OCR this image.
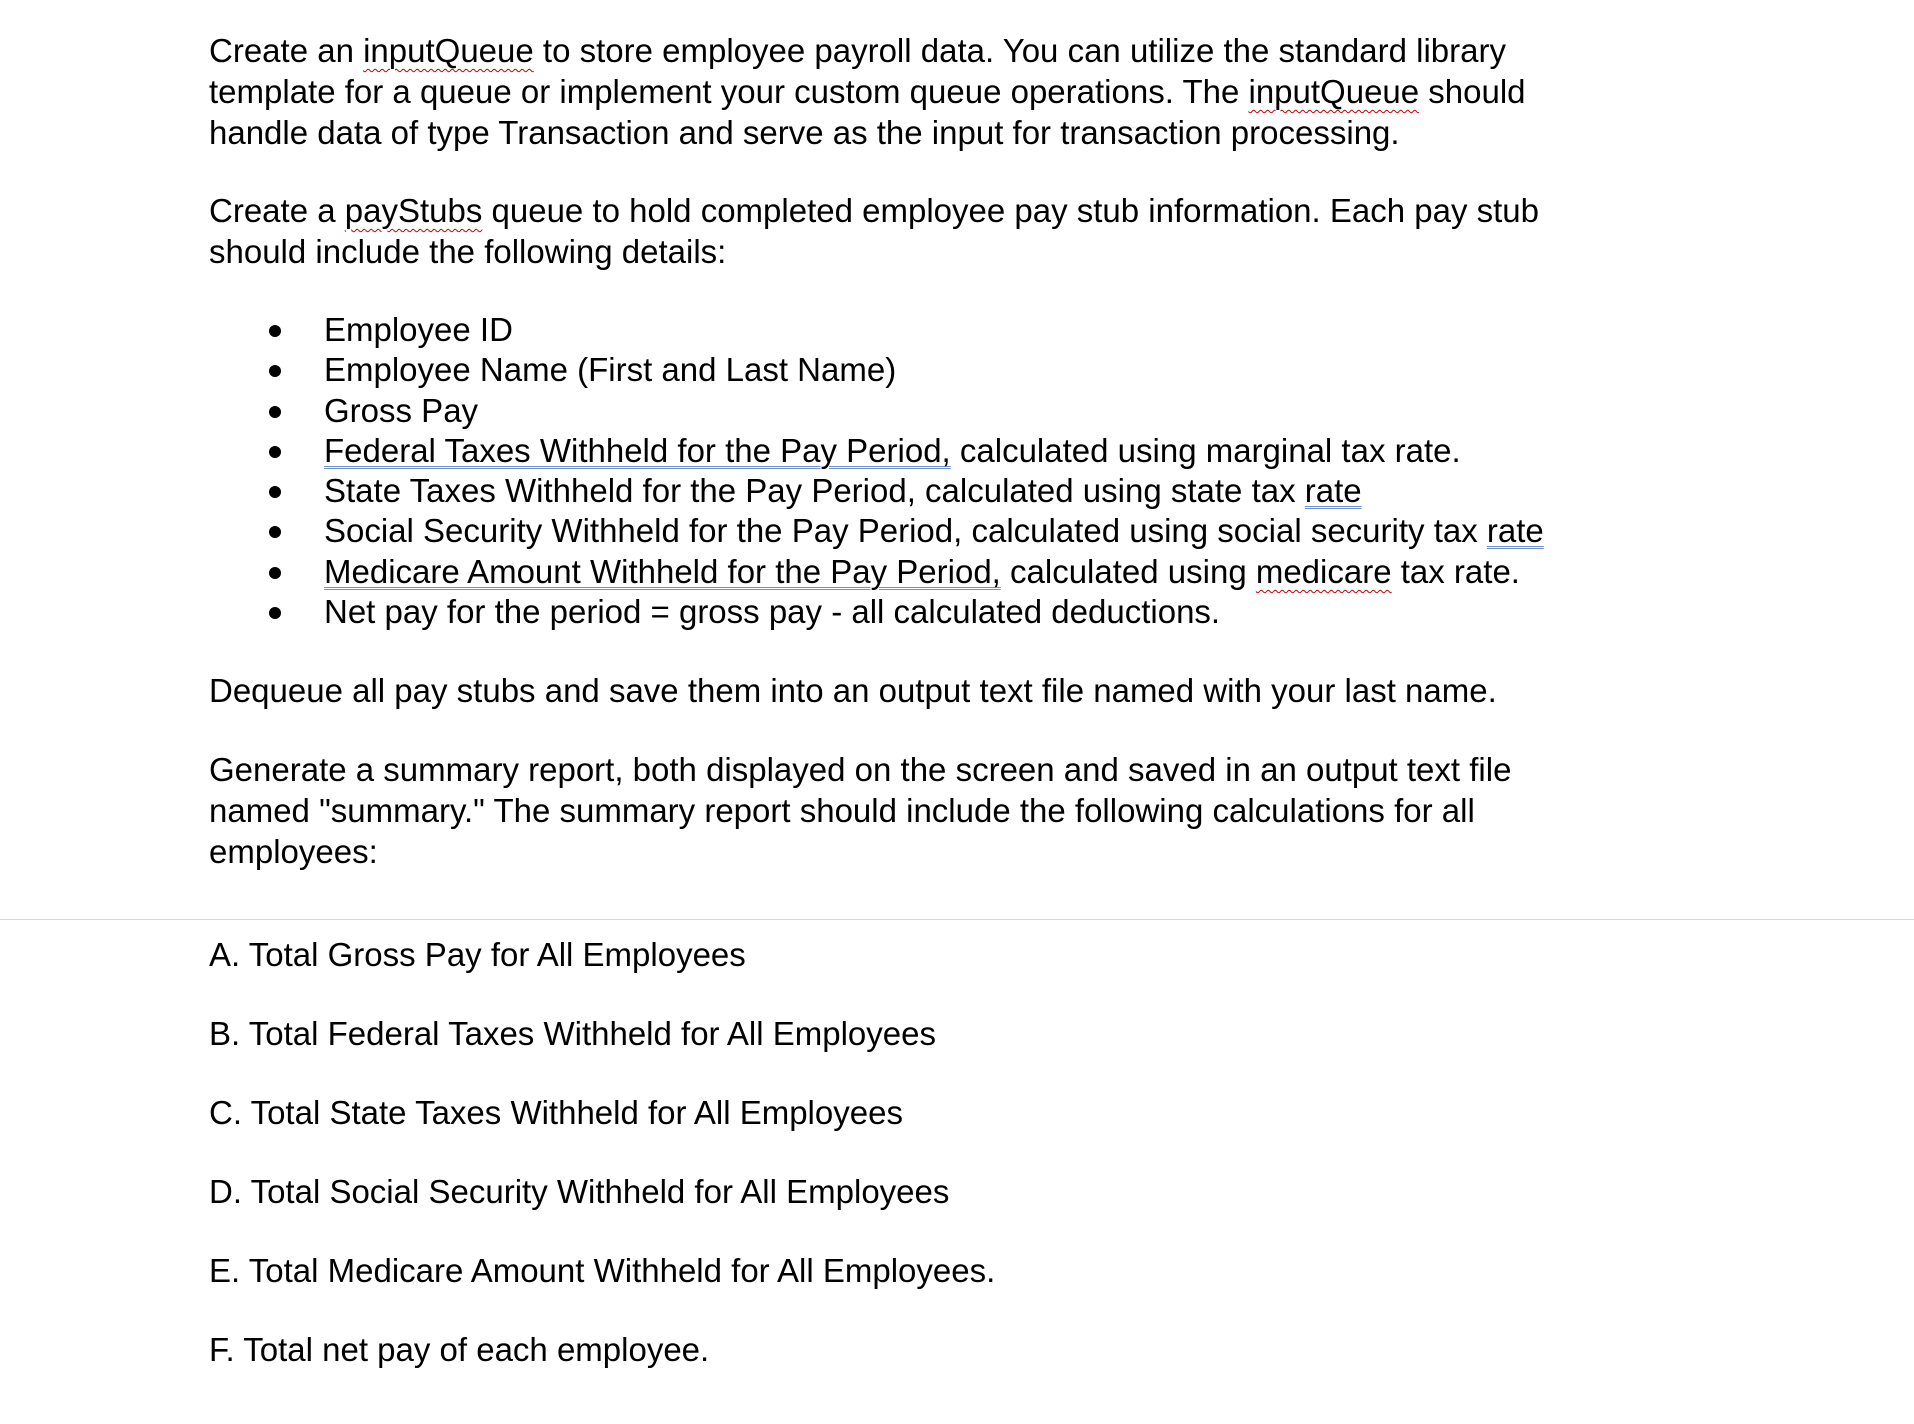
Create an inputQueue to store employee payroll data. You can utilize the standard library
template for a queue or implement your custom queue operations. The inputQueue should
handle data of type Transaction and serve as the input for transaction processing.
Create a payStubs queue to hold completed employee pay stub information. Each pay stub
should include the following details:
Employee ID
Employee Name (First and Last Name)
Gross Pay
Federal Taxes Withheld for the Pay Period, calculated using marginal tax rate.
State Taxes Withheld for the Pay Period, calculated using state tax rate
Social Security Withheld for the Pay Period, calculated using social security tax rate
Medicare Amount Withheld for the Pay Period, calculated using medicare tax rate.
Net pay for the period = gross pay - all calculated deductions.
Dequeue all pay stubs and save them into an output text file named with your last name.
Generate a summary report, both displayed on the screen and saved in an output text file
named "summary." The summary report should include the following calculations for all
employees:
A. Total Gross Pay for All Employees
B. Total Federal Taxes Withheld for All Employees
C. Total State Taxes Withheld for All Employees
D. Total Social Security Withheld for All Employees
E. Total Medicare Amount Withheld for All Employees.
F. Total net pay of each employee.
